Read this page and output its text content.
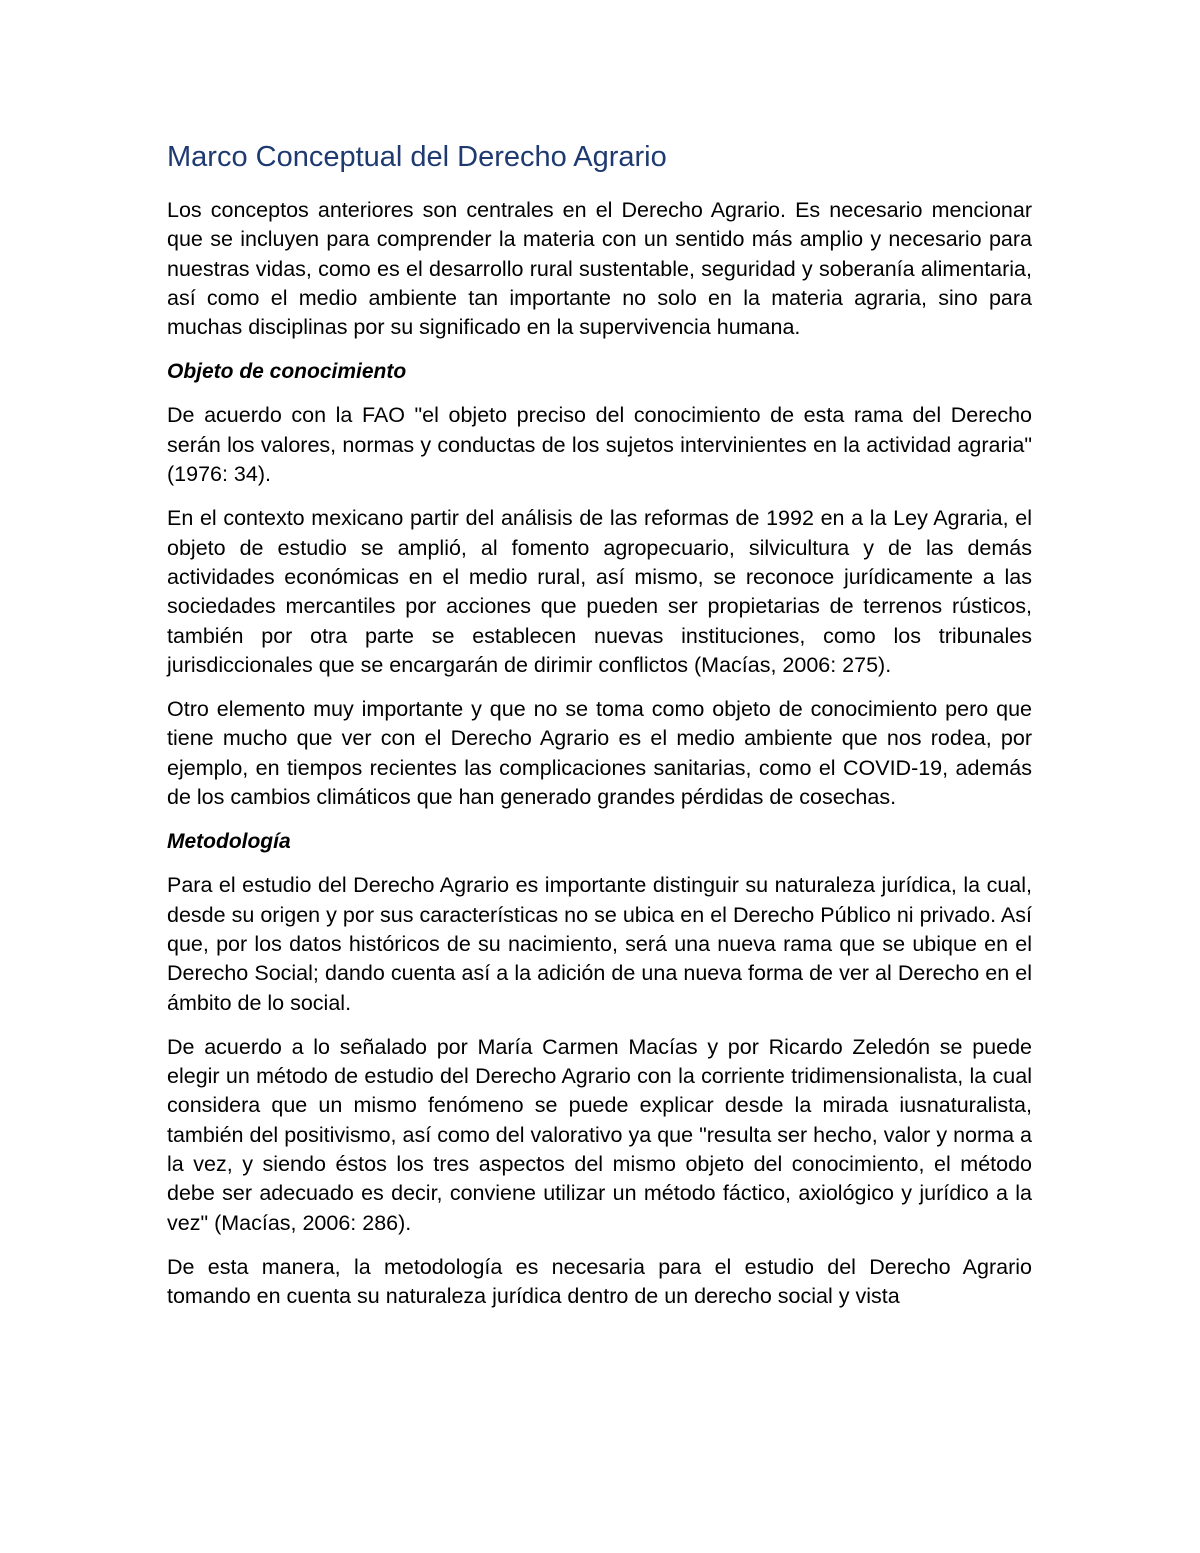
Marco Conceptual del Derecho Agrario

Los conceptos anteriores son centrales en el Derecho Agrario. Es necesario mencionar que se incluyen para comprender la materia con un sentido más amplio y necesario para nuestras vidas, como es el desarrollo rural sustentable, seguridad y soberanía alimentaria, así como el medio ambiente tan importante no solo en la materia agraria, sino para muchas disciplinas por su significado en la supervivencia humana.

Objeto de conocimiento

De acuerdo con la FAO "el objeto preciso del conocimiento de esta rama del Derecho serán los valores, normas y conductas de los sujetos intervinientes en la actividad agraria" (1976: 34).

En el contexto mexicano partir del análisis de las reformas de 1992 en a la Ley Agraria, el objeto de estudio se amplió, al fomento agropecuario, silvicultura y de las demás actividades económicas en el medio rural, así mismo, se reconoce jurídicamente a las sociedades mercantiles por acciones que pueden ser propietarias de terrenos rústicos, también por otra parte se establecen nuevas instituciones, como los tribunales jurisdiccionales que se encargarán de dirimir conflictos (Macías, 2006: 275).

Otro elemento muy importante y que no se toma como objeto de conocimiento pero que tiene mucho que ver con el Derecho Agrario es el medio ambiente que nos rodea, por ejemplo, en tiempos recientes las complicaciones sanitarias, como el COVID-19, además de los cambios climáticos que han generado grandes pérdidas de cosechas.

Metodología

Para el estudio del Derecho Agrario es importante distinguir su naturaleza jurídica, la cual, desde su origen y por sus características no se ubica en el Derecho Público ni privado. Así que, por los datos históricos de su nacimiento, será una nueva rama que se ubique en el Derecho Social; dando cuenta así a la adición de una nueva forma de ver al Derecho en el ámbito de lo social.

De acuerdo a lo señalado por María Carmen Macías y por Ricardo Zeledón se puede elegir un método de estudio del Derecho Agrario con la corriente tridimensionalista, la cual considera que un mismo fenómeno se puede explicar desde la mirada iusnaturalista, también del positivismo, así como del valorativo ya que "resulta ser hecho, valor y norma a la vez, y siendo éstos los tres aspectos del mismo objeto del conocimiento, el método debe ser adecuado es decir, conviene utilizar un método fáctico, axiológico y jurídico a la vez" (Macías, 2006: 286).

De esta manera, la metodología es necesaria para el estudio del Derecho Agrario tomando en cuenta su naturaleza jurídica dentro de un derecho social y vista
